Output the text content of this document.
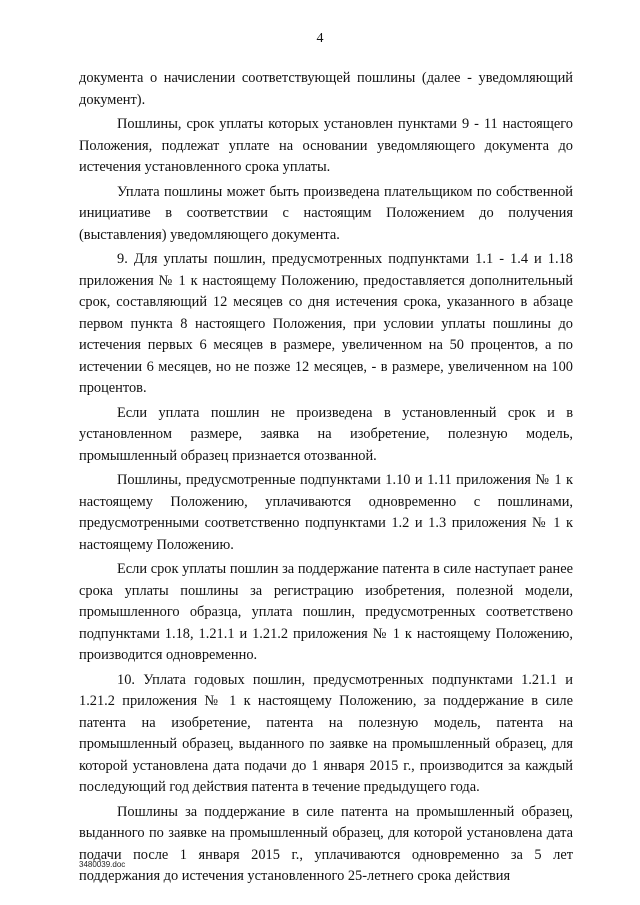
4

документа о начислении соответствующей пошлины (далее - уведомляющий документ).

Пошлины, срок уплаты которых установлен пунктами 9 - 11 настоящего Положения, подлежат уплате на основании уведомляющего документа до истечения установленного срока уплаты.

Уплата пошлины может быть произведена плательщиком по собственной инициативе в соответствии с настоящим Положением до получения (выставления) уведомляющего документа.

9. Для уплаты пошлин, предусмотренных подпунктами 1.1 - 1.4 и 1.18 приложения № 1 к настоящему Положению, предоставляется дополнительный срок, составляющий 12 месяцев со дня истечения срока, указанного в абзаце первом пункта 8 настоящего Положения, при условии уплаты пошлины до истечения первых 6 месяцев в размере, увеличенном на 50 процентов, а по истечении 6 месяцев, но не позже 12 месяцев, - в размере, увеличенном на 100 процентов.

Если уплата пошлин не произведена в установленный срок и в установленном размере, заявка на изобретение, полезную модель, промышленный образец признается отозванной.

Пошлины, предусмотренные подпунктами 1.10 и 1.11 приложения № 1 к настоящему Положению, уплачиваются одновременно с пошлинами, предусмотренными соответственно подпунктами 1.2 и 1.3 приложения № 1 к настоящему Положению.

Если срок уплаты пошлин за поддержание патента в силе наступает ранее срока уплаты пошлины за регистрацию изобретения, полезной модели, промышленного образца, уплата пошлин, предусмотренных соответствено подпунктами 1.18, 1.21.1 и 1.21.2 приложения № 1 к настоящему Положению, производится одновременно.

10. Уплата годовых пошлин, предусмотренных подпунктами 1.21.1 и 1.21.2 приложения № 1 к настоящему Положению, за поддержание в силе патента на изобретение, патента на полезную модель, патента на промышленный образец, выданного по заявке на промышленный образец, для которой установлена дата подачи до 1 января 2015 г., производится за каждый последующий год действия патента в течение предыдущего года.

Пошлины за поддержание в силе патента на промышленный образец, выданного по заявке на промышленный образец, для которой установлена дата подачи после 1 января 2015 г., уплачиваются одновременно за 5 лет поддержания до истечения установленного 25-летнего срока действия

3480039.doc
